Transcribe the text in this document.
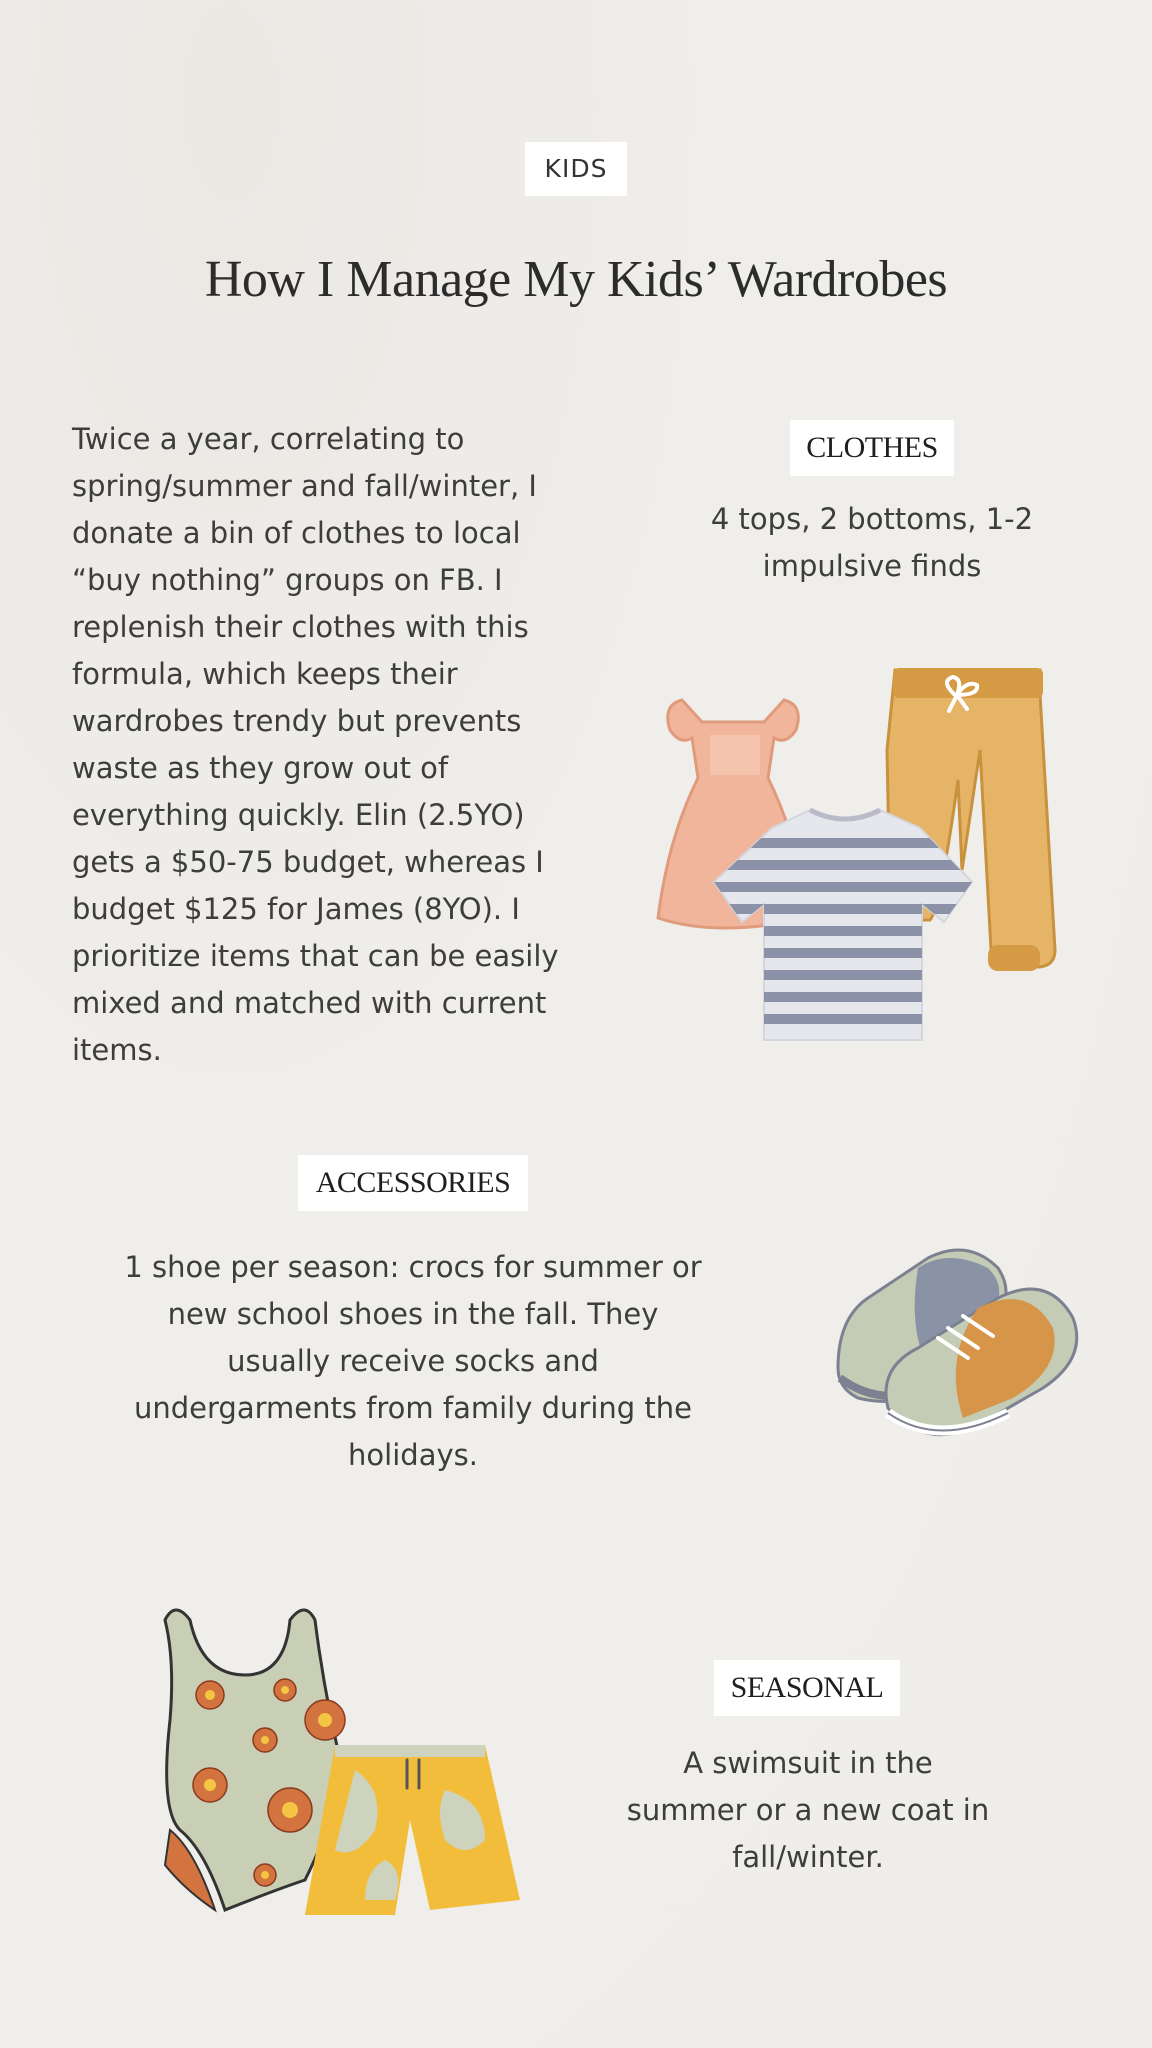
KIDS
How I Manage My Kids’ Wardrobes
Twice a year, correlating to spring/summer and fall/winter, I donate a bin of clothes to local “buy nothing” groups on FB. I replenish their clothes with this formula, which keeps their wardrobes trendy but prevents waste as they grow out of everything quickly. Elin (2.5YO) gets a $50-75 budget, whereas I budget $125 for James (8YO). I prioritize items that can be easily mixed and matched with current items.
CLOTHES
4 tops, 2 bottoms, 1-2 impulsive finds
ACCESSORIES
1 shoe per season: crocs for summer or new school shoes in the fall. They usually receive socks and undergarments from family during the holidays.
SEASONAL
A swimsuit in the summer or a new coat in fall/winter.
